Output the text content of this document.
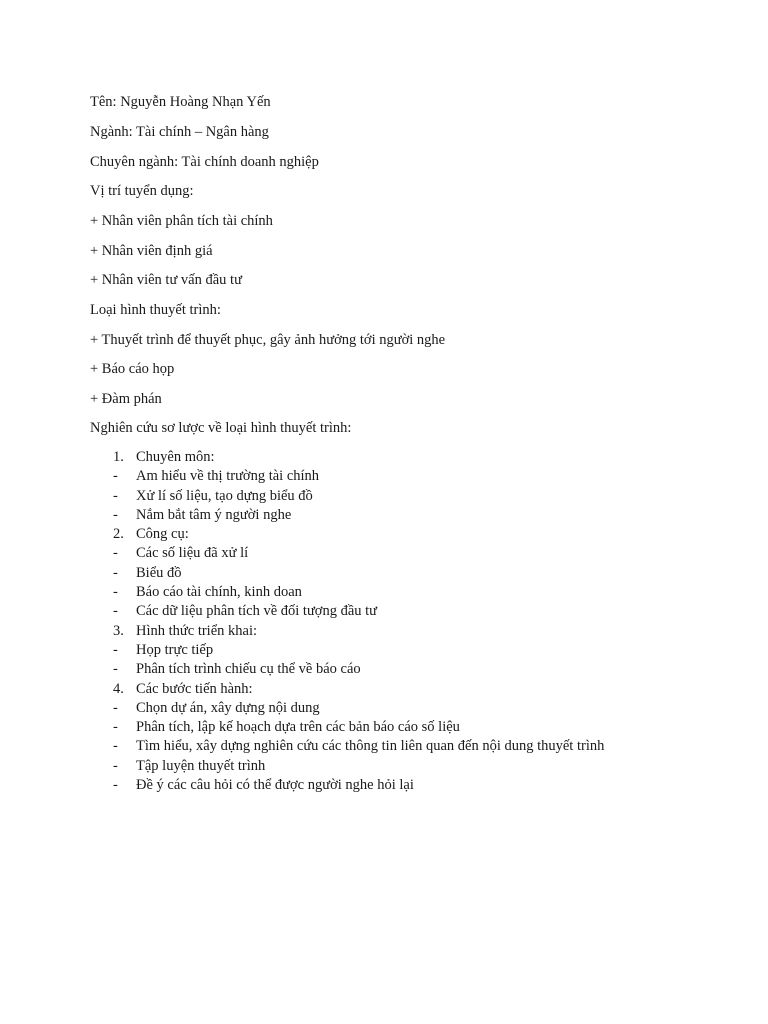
Tên: Nguyễn Hoàng Nhạn Yến

Ngành: Tài chính – Ngân hàng

Chuyên ngành: Tài chính doanh nghiệp

Vị trí tuyển dụng:

+ Nhân viên phân tích tài chính

+ Nhân viên định giá

+ Nhân viên tư vấn đầu tư

Loại hình thuyết trình:

+ Thuyết trình để thuyết phục, gây ảnh hưởng tới người nghe

+ Báo cáo họp

+ Đàm phán

Nghiên cứu sơ lược về loại hình thuyết trình:

1. Chuyên môn:
- Am hiểu về thị trường tài chính
- Xử lí số liệu, tạo dựng biểu đồ
- Nắm bắt tâm ý người nghe
2. Công cụ:
- Các số liệu đã xử lí
- Biểu đồ
- Báo cáo tài chính, kinh doan
- Các dữ liệu phân tích về đối tượng đầu tư
3. Hình thức triển khai:
- Họp trực tiếp
- Phân tích trình chiếu cụ thể về báo cáo
4. Các bước tiến hành:
- Chọn dự án, xây dựng nội dung
- Phân tích, lập kế hoạch dựa trên các bản báo cáo số liệu
- Tìm hiểu, xây dựng nghiên cứu các thông tin liên quan đến nội dung thuyết trình
- Tập luyện thuyết trình
- Đề ý các câu hỏi có thể được người nghe hỏi lại
